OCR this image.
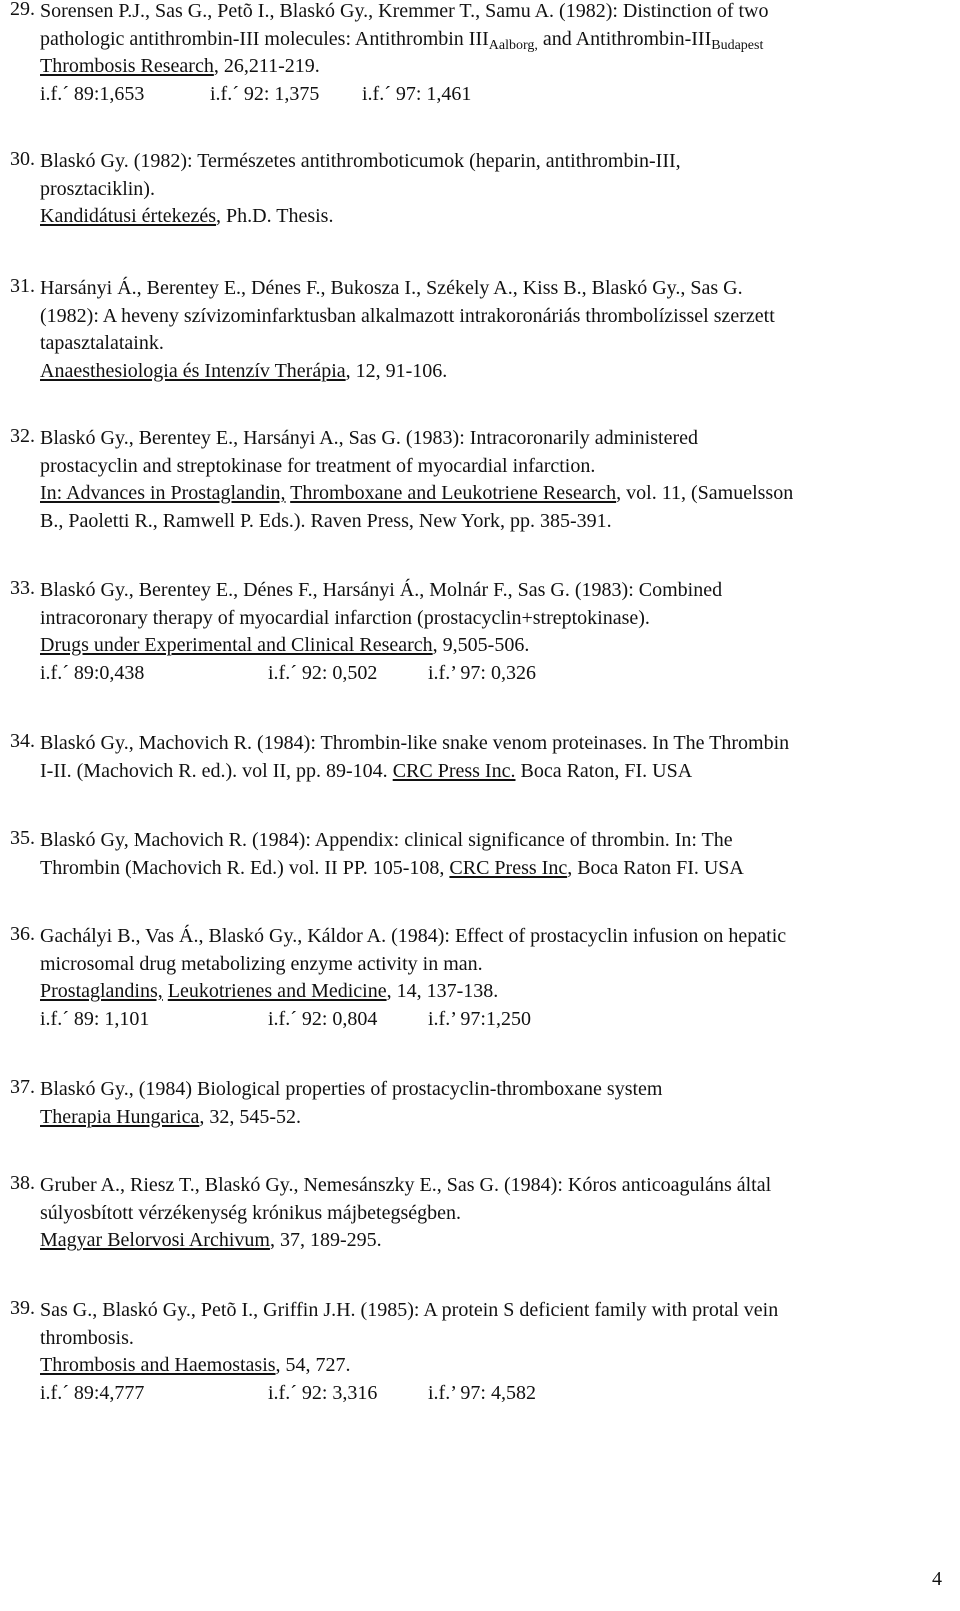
29. Sorensen P.J., Sas G., Petõ I., Blaskó Gy., Kremmer T., Samu A. (1982): Distinction of two
pathologic antithrombin-III molecules: Antithrombin $III_{Aalborg,}$ and Antithrombin-$III_{Budapest}$
Thrombosis Research, 26,211-219.
i.f.´ 89:1,653	i.f.´ 92: 1,375 i.f.´ 97: 1,461
30. Blaskó Gy. (1982): Természetes antithromboticumok (heparin, antithrombin-III,
prosztaciklin).
Kandidátusi értekezés, Ph.D. Thesis.
31. Harsányi Á., Berentey E., Dénes F., Bukosza I., Székely A., Kiss B., Blaskó Gy., Sas G.
(1982): A heveny szívizominfarktusban alkalmazott intrakoronáriás thrombolízissel szerzett
tapasztalataink.
Anaesthesiologia és Intenzív Therápia, 12, 91-106.
32. Blaskó Gy., Berentey E., Harsányi A., Sas G. (1983): Intracoronarily administered
prostacyclin and streptokinase for treatment of myocardial infarction.
In: Advances in Prostaglandin, Thromboxane and Leukotriene Research, vol. 11, (Samuelsson
B., Paoletti R., Ramwell P. Eds.). Raven Press, New York, pp. 385-391.
33. Blaskó Gy., Berentey E., Dénes F., Harsányi Á., Molnár F., Sas G. (1983): Combined
intracoronary therapy of myocardial infarction (prostacyclin+streptokinase).
Drugs under Experimental and Clinical Research, 9,505-506.
i.f.´ 89:0,438	i.f.´ 92: 0,502	i.f.’ 97: 0,326
34. Blaskó Gy., Machovich R. (1984): Thrombin-like snake venom proteinases. In The Thrombin
I-II. (Machovich R. ed.). vol II, pp. 89-104. CRC Press Inc. Boca Raton, FI. USA
35. Blaskó Gy, Machovich R. (1984): Appendix: clinical significance of thrombin. In: The
Thrombin (Machovich R. Ed.) vol. II PP. 105-108, CRC Press Inc, Boca Raton FI. USA
36. Gachályi B., Vas Á., Blaskó Gy., Káldor A. (1984): Effect of prostacyclin infusion on hepatic
microsomal drug metabolizing enzyme activity in man.
Prostaglandins, Leukotrienes and Medicine, 14, 137-138.
i.f.´ 89: 1,101	i.f.´ 92: 0,804	i.f.’ 97:1,250
37. Blaskó Gy., (1984) Biological properties of prostacyclin-thromboxane system
Therapia Hungarica, 32, 545-52.
38. Gruber A., Riesz T., Blaskó Gy., Nemesánszky E., Sas G. (1984): Kóros anticoaguláns által
súlyosbított vérzékenység krónikus májbetegségben.
Magyar Belorvosi Archivum, 37, 189-295.
39. Sas G., Blaskó Gy., Petõ I., Griffin J.H. (1985): A protein S deficient family with protal vein
thrombosis.
Thrombosis and Haemostasis, 54, 727.
i.f.´ 89:4,777	i.f.´ 92: 3,316	i.f.’ 97: 4,582
4
